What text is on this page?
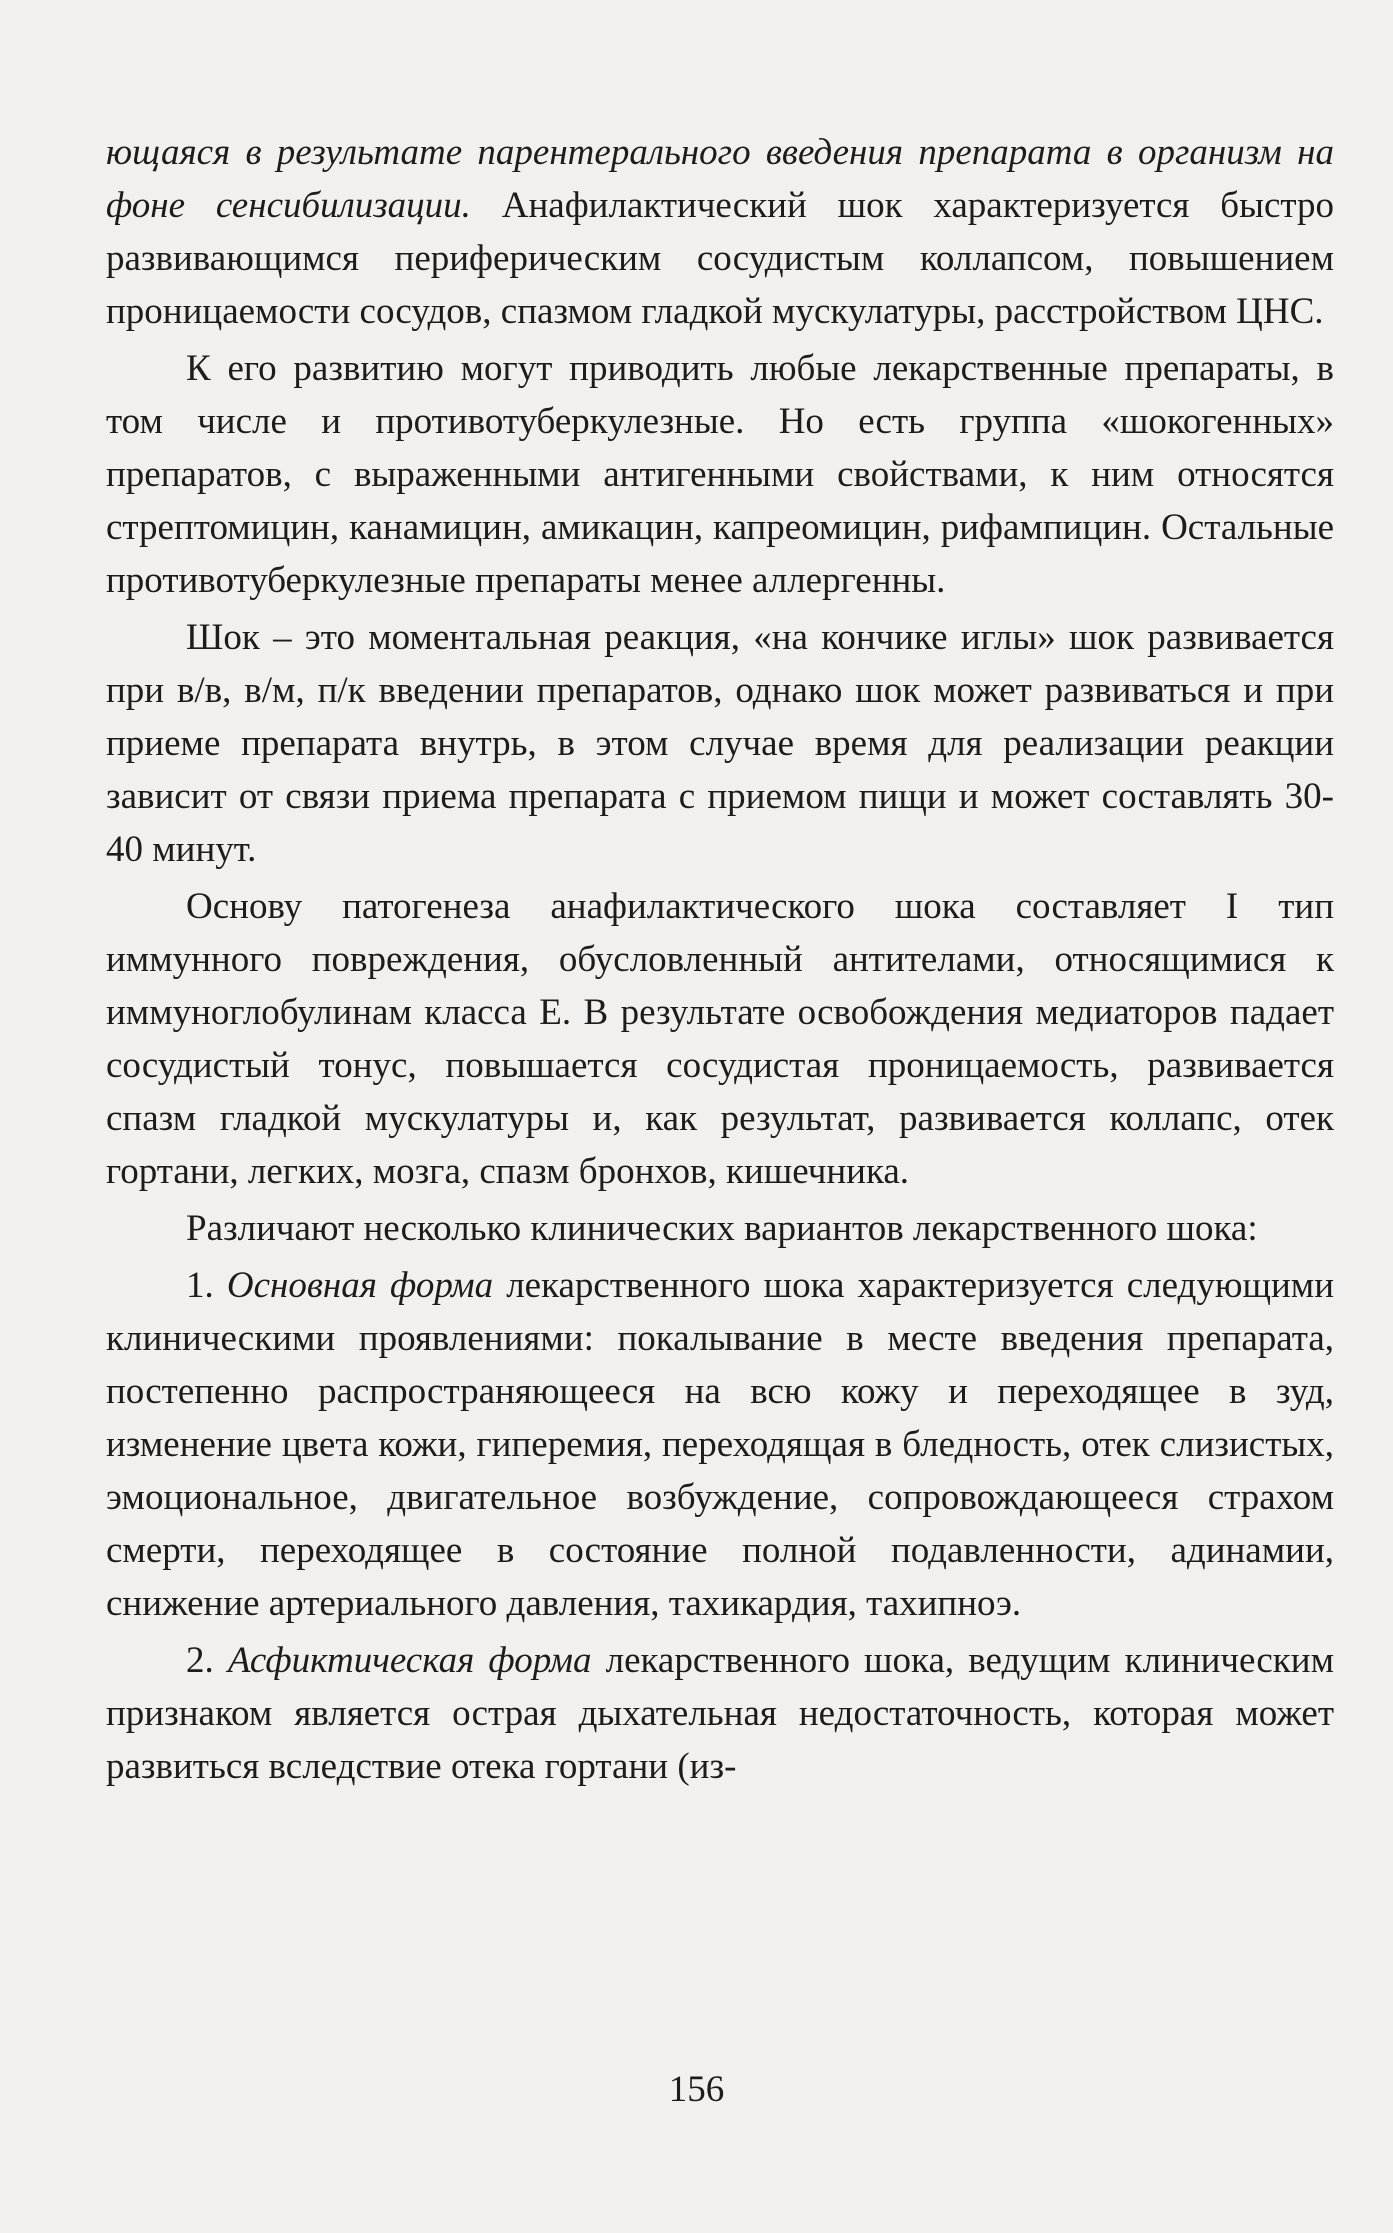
ющаяся в результате парентерального введения препарата в организм на фоне сенсибилизации. Анафилактический шок характеризуется быстро развивающимся периферическим сосудистым коллапсом, повышением проницаемости сосудов, спазмом гладкой мускулатуры, расстройством ЦНС.

К его развитию могут приводить любые лекарственные препараты, в том числе и противотуберкулезные. Но есть группа «шокогенных» препаратов, с выраженными антигенными свойствами, к ним относятся стрептомицин, канамицин, амикацин, капреомицин, рифампицин. Остальные противотуберкулезные препараты менее аллергенны.

Шок – это моментальная реакция, «на кончике иглы» шок развивается при в/в, в/м, п/к введении препаратов, однако шок может развиваться и при приеме препарата внутрь, в этом случае время для реализации реакции зависит от связи приема препарата с приемом пищи и может составлять 30-40 минут.

Основу патогенеза анафилактического шока составляет I тип иммунного повреждения, обусловленный антителами, относящимися к иммуноглобулинам класса Е. В результате освобождения медиаторов падает сосудистый тонус, повышается сосудистая проницаемость, развивается спазм гладкой мускулатуры и, как результат, развивается коллапс, отек гортани, легких, мозга, спазм бронхов, кишечника.

Различают несколько клинических вариантов лекарственного шока:

1. Основная форма лекарственного шока характеризуется следующими клиническими проявлениями: покалывание в месте введения препарата, постепенно распространяющееся на всю кожу и переходящее в зуд, изменение цвета кожи, гиперемия, переходящая в бледность, отек слизистых, эмоциональное, двигательное возбуждение, сопровождающееся страхом смерти, переходящее в состояние полной подавленности, адинамии, снижение артериального давления, тахикардия, тахипноэ.

2. Асфиктическая форма лекарственного шока, ведущим клиническим признаком является острая дыхательная недостаточность, которая может развиться вследствие отека гортани (из-

156
